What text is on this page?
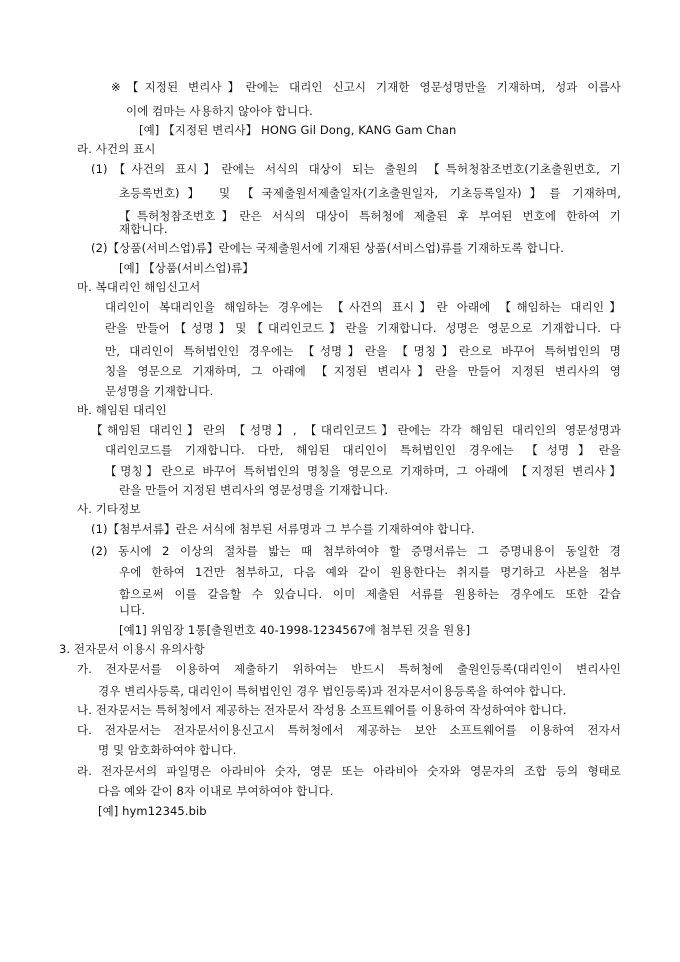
※【지정된 변리사】란에는 대리인 신고시 기재한 영문성명만을 기재하며, 성과 이름사
이에 컴마는 사용하지 않아야 합니다.
[예] 【지정된 변리사】 HONG Gil Dong, KANG Gam Chan
라. 사건의 표시
(1)【사건의 표시】란에는 서식의 대상이 되는 출원의 【특허청참조번호(기초출원번호, 기
초등록번호)】 및 【국제출원서제출일자(기초출원일자, 기초등록일자)】를 기재하며,
【특허청참조번호】란은 서식의 대상이 특허청에 제출된 후 부여된 번호에 한하여 기
재합니다.
(2)【상품(서비스업)류】란에는 국제출원서에 기재된 상품(서비스업)류를 기재하도록 합니다.
[예] 【상품(서비스업)류】
마. 복대리인 해임신고서
대리인이 복대리인을 해임하는 경우에는 【사건의 표시】란 아래에 【해임하는 대리인】
란을 만들어【성명】및【대리인코드】란을 기재합니다. 성명은 영문으로 기재합니다. 다
만, 대리인이 특허법인인 경우에는 【성명】란을 【명칭】란으로 바꾸어 특허법인의 명
칭을 영문으로 기재하며, 그 아래에 【지정된 변리사】란을 만들어 지정된 변리사의 영
문성명을 기재합니다.
바. 해임된 대리인
【해임된 대리인】란의 【성명】, 【대리인코드】란에는 각각 해임된 대리인의 영문성명과
대리인코드를 기재합니다. 다만, 해임된 대리인이 특허법인인 경우에는 【성명】란을
【명칭】란으로 바꾸어 특허법인의 명칭을 영문으로 기재하며, 그 아래에 【지정된 변리사】
란을 만들어 지정된 변리사의 영문성명을 기재합니다.
사. 기타정보
(1)【첨부서류】란은 서식에 첨부된 서류명과 그 부수를 기재하여야 합니다.
(2) 동시에 2 이상의 절차를 밟는 때 첨부하여야 할 증명서류는 그 증명내용이 동일한 경
우에 한하여 1건만 첨부하고, 다음 예와 같이 원용한다는 취지를 명기하고 사본을 첨부
함으로써 이를 갈음할 수 있습니다. 이미 제출된 서류를 원용하는 경우에도 또한 같습
니다.
[예1] 위임장 1통[출원번호 40-1998-1234567에 첨부된 것을 원용]
3. 전자문서 이용시 유의사항
가. 전자문서를 이용하여 제출하기 위하여는 반드시 특허청에 출원인등록(대리인이 변리사인
경우 변리사등록, 대리인이 특허법인인 경우 법인등록)과 전자문서이용등록을 하여야 합니다.
나. 전자문서는 특허청에서 제공하는 전자문서 작성용 소프트웨어를 이용하여 작성하여야 합니다.
다. 전자문서는 전자문서이용신고시 특허청에서 제공하는 보안 소프트웨어를 이용하여 전자서
명 및 암호화하여야 합니다.
라. 전자문서의 파일명은 아라비아 숫자, 영문 또는 아라비아 숫자와 영문자의 조합 등의 형태로
다음 예와 같이 8자 이내로 부여하여야 합니다.
[예] hym12345.bib
